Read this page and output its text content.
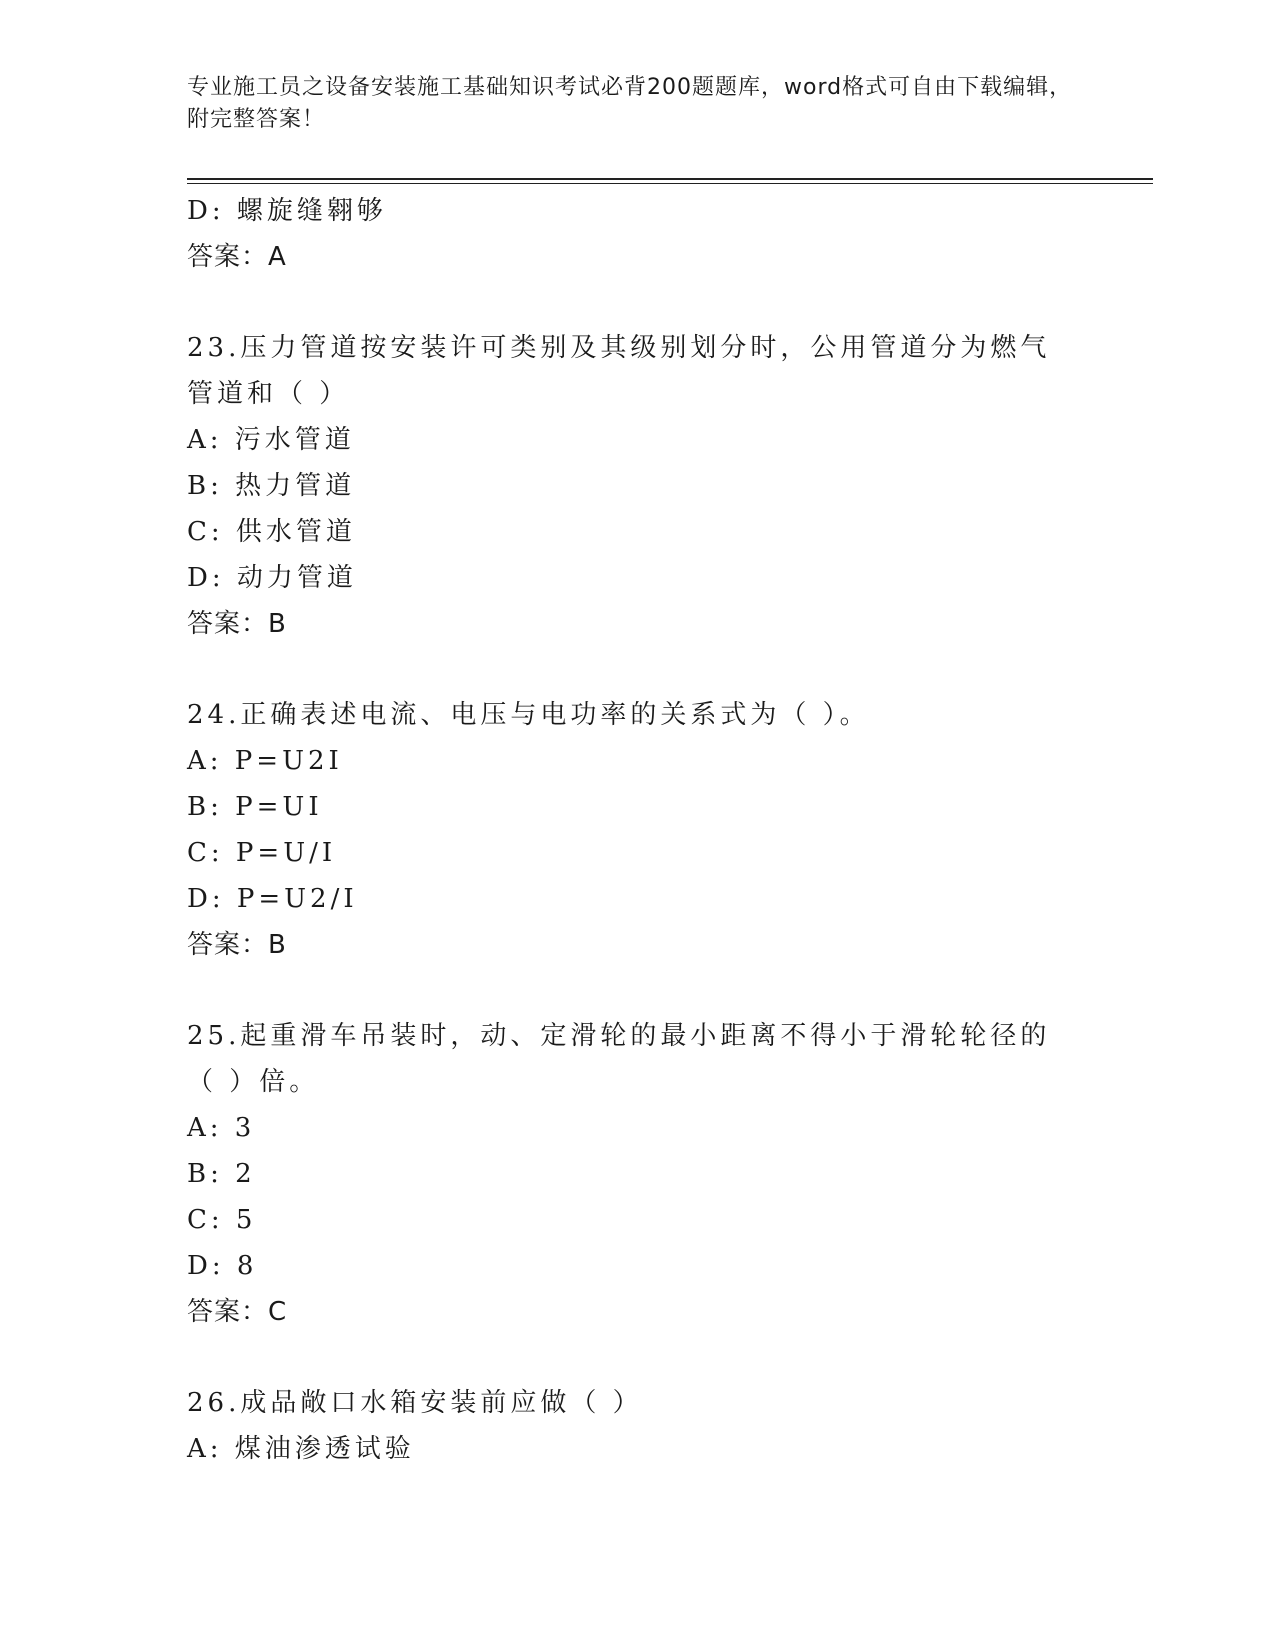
专业施工员之设备安装施工基础知识考试必背200题题库，word格式可自由下载编辑，附完整答案！
D: 螺旋缝翱够
答案：A
23.压力管道按安装许可类别及其级别划分时，公用管道分为燃气管道和（ ）
A: 污水管道
B: 热力管道
C: 供水管道
D: 动力管道
答案：B
24.正确表述电流、电压与电功率的关系式为（ ）。
A: P=U2I
B: P=UI
C: P=U/I
D: P=U2/I
答案：B
25.起重滑车吊装时，动、定滑轮的最小距离不得小于滑轮轮径的（ ）倍。
A: 3
B: 2
C: 5
D: 8
答案：C
26.成品敞口水箱安装前应做（ ）
A: 煤油渗透试验
